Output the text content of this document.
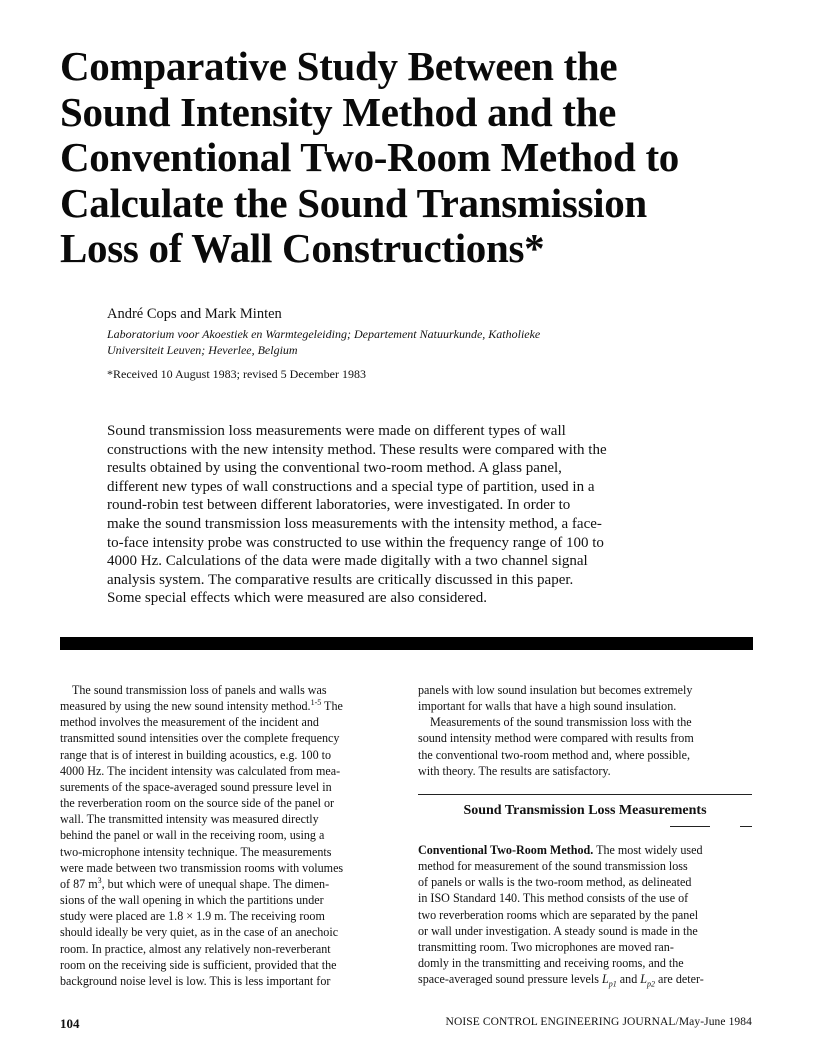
Comparative Study Between the
Sound Intensity Method and the
Conventional Two-Room Method to
Calculate the Sound Transmission
Loss of Wall Constructions*
André Cops and Mark Minten
Laboratorium voor Akoestiek en Warmtegeleiding; Departement Natuurkunde, Katholieke
Universiteit Leuven; Heverlee, Belgium
*Received 10 August 1983; revised 5 December 1983
Sound transmission loss measurements were made on different types of wall
constructions with the new intensity method. These results were compared with the
results obtained by using the conventional two-room method. A glass panel,
different new types of wall constructions and a special type of partition, used in a
round-robin test between different laboratories, were investigated. In order to
make the sound transmission loss measurements with the intensity method, a face-
to-face intensity probe was constructed to use within the frequency range of 100 to
4000 Hz. Calculations of the data were made digitally with a two channel signal
analysis system. The comparative results are critically discussed in this paper.
Some special effects which were measured are also considered.
The sound transmission loss of panels and walls was
measured by using the new sound intensity method.$^{1-5}$ The
method involves the measurement of the incident and
transmitted sound intensities over the complete frequency
range that is of interest in building acoustics, e.g. 100 to
4000 Hz. The incident intensity was calculated from mea-
surements of the space-averaged sound pressure level in
the reverberation room on the source side of the panel or
wall. The transmitted intensity was measured directly
behind the panel or wall in the receiving room, using a
two-microphone intensity technique. The measurements
were made between two transmission rooms with volumes
of 87 $m^3$, but which were of unequal shape. The dimen-
sions of the wall opening in which the partitions under
study were placed are 1.8 × 1.9 m. The receiving room
should ideally be very quiet, as in the case of an anechoic
room. In practice, almost any relatively non-reverberant
room on the receiving side is sufficient, provided that the
background noise level is low. This is less important for
panels with low sound insulation but becomes extremely
important for walls that have a high sound insulation.
Measurements of the sound transmission loss with the
sound intensity method were compared with results from
the conventional two-room method and, where possible,
with theory. The results are satisfactory.
Sound Transmission Loss Measurements
Conventional Two-Room Method. The most widely used
method for measurement of the sound transmission loss
of panels or walls is the two-room method, as delineated
in ISO Standard 140. This method consists of the use of
two reverberation rooms which are separated by the panel
or wall under investigation. A steady sound is made in the
transmitting room. Two microphones are moved ran-
domly in the transmitting and receiving rooms, and the
space-averaged sound pressure levels $L_{p1}$ and $L_{p2}$ are deter-
104	NOISE CONTROL ENGINEERING JOURNAL/May-June 1984
